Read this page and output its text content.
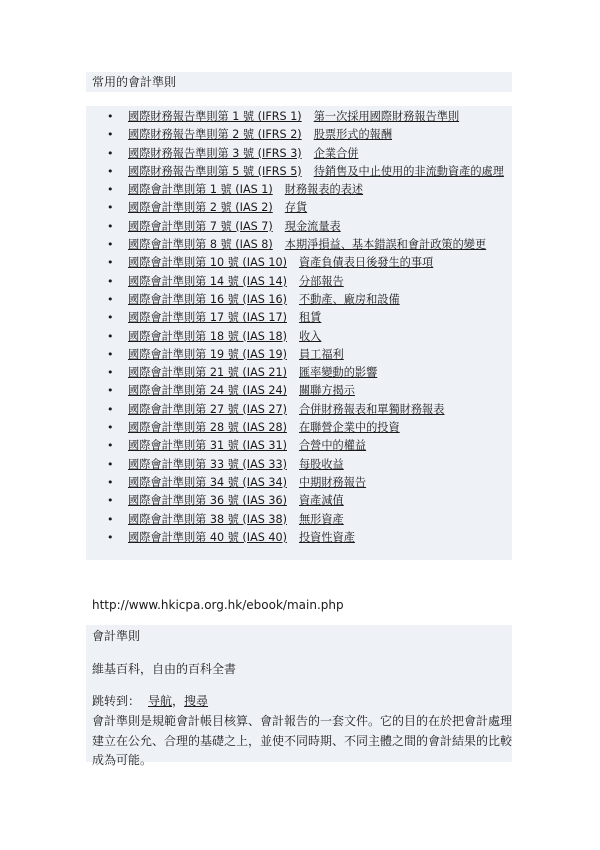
常用的會計準則
• 國際財務報告準則第 1 號 (IFRS 1) 第一次採用國際財務報告準則
• 國際財務報告準則第 2 號 (IFRS 2) 股票形式的報酬
• 國際財務報告準則第 3 號 (IFRS 3) 企業合併
• 國際財務報告準則第 5 號 (IFRS 5) 待銷售及中止使用的非流動資產的處理
• 國際會計準則第 1 號 (IAS 1) 財務報表的表述
• 國際會計準則第 2 號 (IAS 2) 存貨
• 國際會計準則第 7 號 (IAS 7) 現金流量表
• 國際會計準則第 8 號 (IAS 8) 本期淨損益、基本錯誤和會計政策的變更
• 國際會計準則第 10 號 (IAS 10) 資產負債表日後發生的事項
• 國際會計準則第 14 號 (IAS 14) 分部報告
• 國際會計準則第 16 號 (IAS 16) 不動產、廠房和設備
• 國際會計準則第 17 號 (IAS 17) 租賃
• 國際會計準則第 18 號 (IAS 18) 收入
• 國際會計準則第 19 號 (IAS 19) 員工福利
• 國際會計準則第 21 號 (IAS 21) 匯率變動的影響
• 國際會計準則第 24 號 (IAS 24) 關聯方揭示
• 國際會計準則第 27 號 (IAS 27) 合併財務報表和單獨財務報表
• 國際會計準則第 28 號 (IAS 28) 在聯營企業中的投資
• 國際會計準則第 31 號 (IAS 31) 合營中的權益
• 國際會計準則第 33 號 (IAS 33) 每股收益
• 國際會計準則第 34 號 (IAS 34) 中期財務報告
• 國際會計準則第 36 號 (IAS 36) 資產減值
• 國際會計準則第 38 號 (IAS 38) 無形資產
• 國際會計準則第 40 號 (IAS 40) 投資性資產
http://www.hkicpa.org.hk/ebook/main.php
會計準則
維基百科，自由的百科全書
跳转到： 导航，搜尋
會計準則是規範會計帳目核算、會計報告的一套文件。它的目的在於把會計處理建立在公允、合理的基礎之上，並使不同時期、不同主體之間的會計結果的比較成為可能。
